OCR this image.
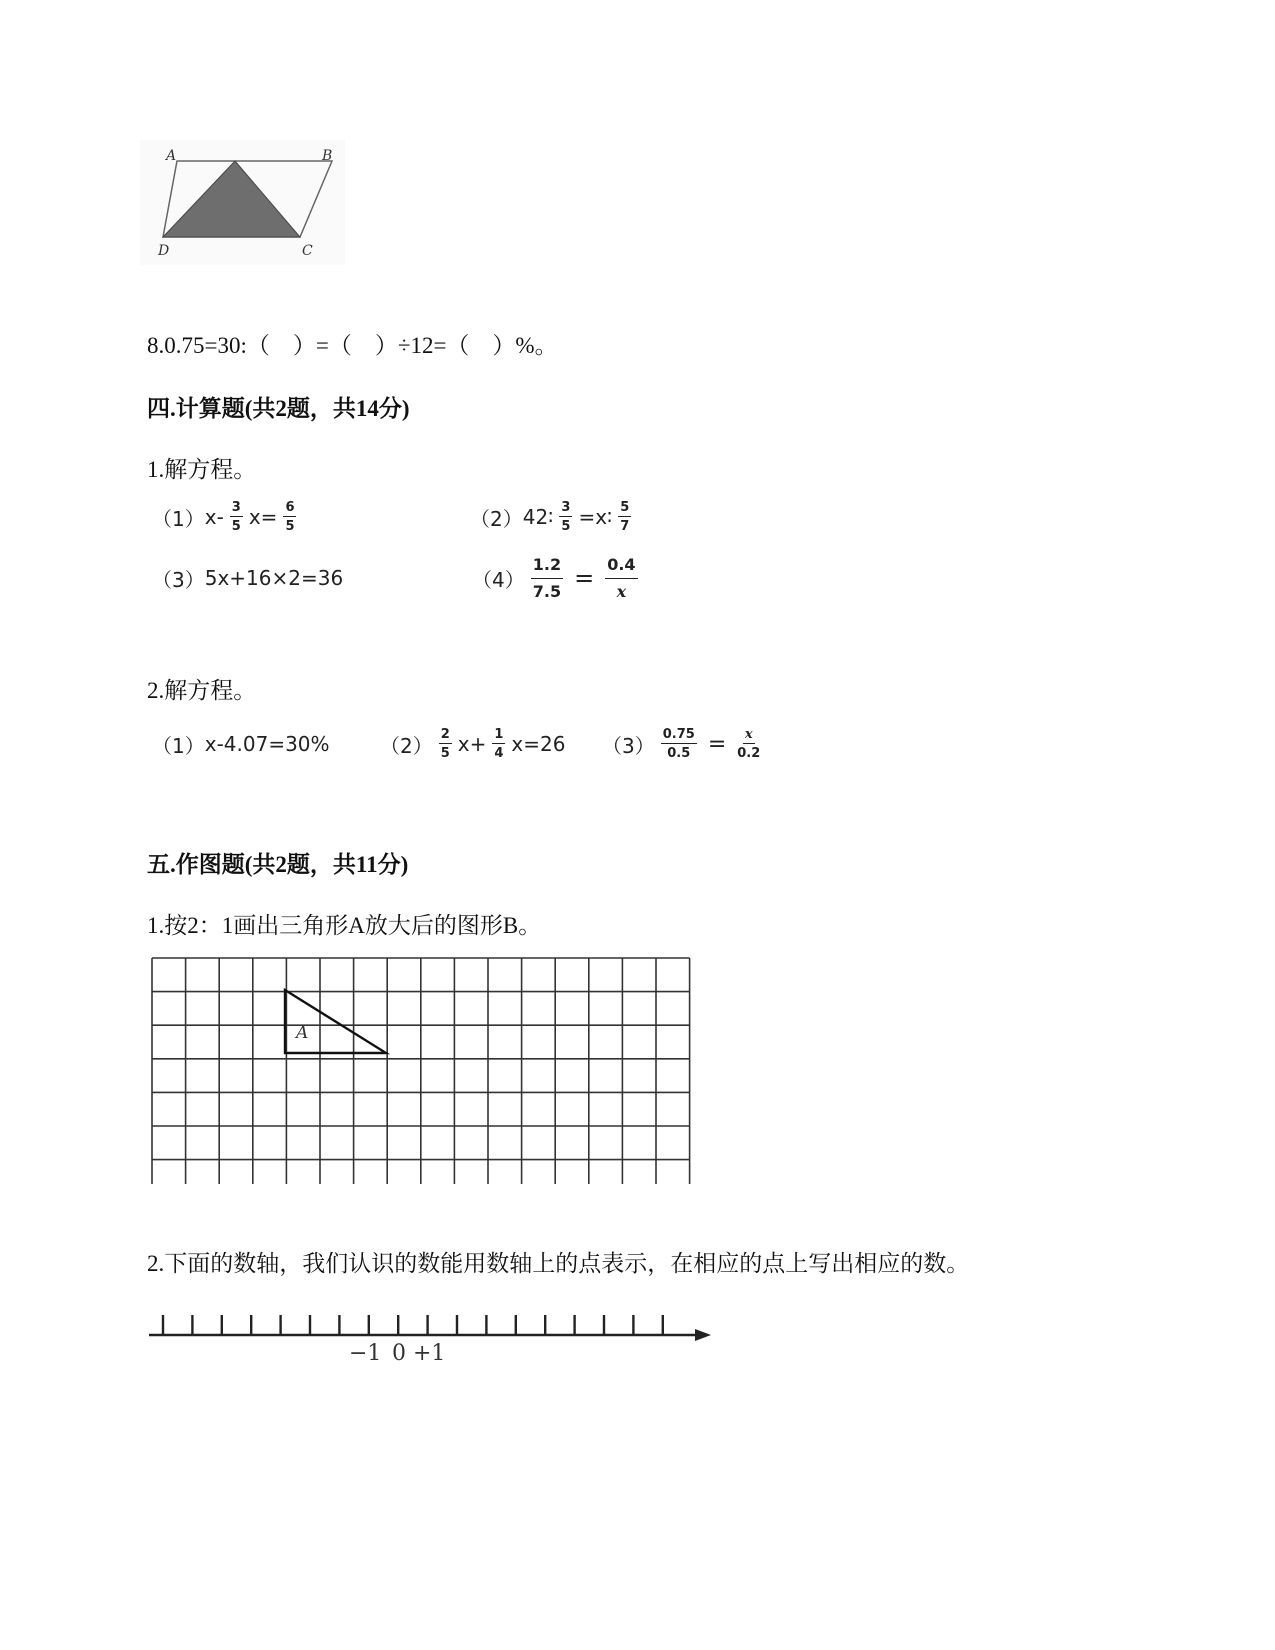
A	B
C
D
8.0.75=30:（　）=（　）÷12=（　）%。
四.计算题(共2题，共14分)
1.解方程。
（1） $x- \frac{3}{5} x= \frac{6}{5}$	（2） 42∶ $\frac{3}{5}$ =x∶ $\frac{5}{7}$
（3） 5x+16×2=36	$(4) \frac{1.2}{7.5} = \frac{0.4}{x}$
2.解方程。
（1） x-4.07=30%	$(2) \frac{2}{5} x+ \frac{1}{4} x=26$ $(3) \frac{0.75}{0.5} = \frac{x}{0.2}$
五.作图题(共2题，共11分)
1.按2：1画出三角形A放大后的图形B。
A
2.下面的数轴，我们认识的数能用数轴上的点表示，在相应的点上写出相应的数。
−1 0 +1
